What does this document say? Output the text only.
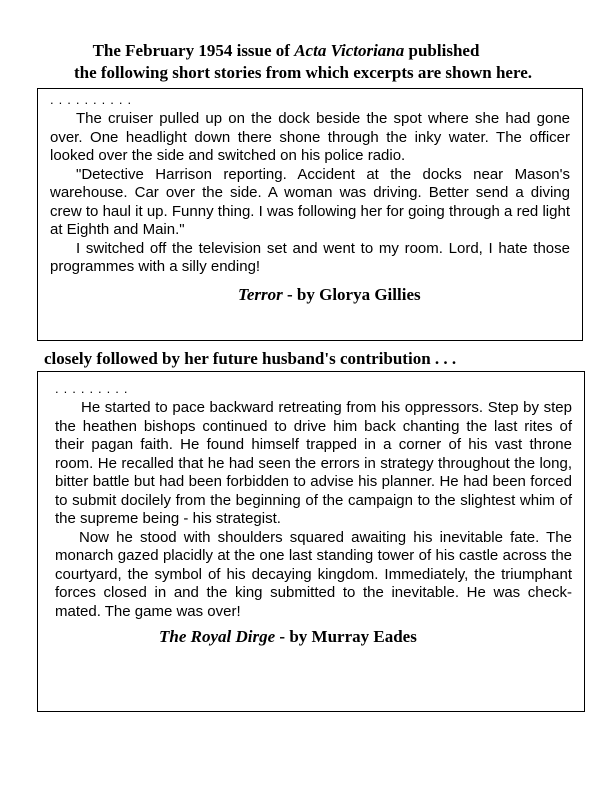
The February 1954 issue of Acta Victoriana published
the following short stories from which excerpts are shown here.
..........

The cruiser pulled up on the dock beside the spot where she had gone over. One headlight down there shone through the inky water. The officer looked over the side and switched on his police radio.

"Detective Harrison reporting. Accident at the docks near Mason's warehouse. Car over the side. A woman was driving. Better send a diving crew to haul it up. Funny thing. I was following her for going through a red light at Eighth and Main."

I switched off the television set and went to my room. Lord, I hate those programmes with a silly ending!

Terror - by Glorya Gillies
closely followed by her future husband's contribution . . .
.........

He started to pace backward retreating from his oppressors. Step by step the heathen bishops continued to drive him back chanting the last rites of their pagan faith. He found himself trapped in a corner of his vast throne room. He recalled that he had seen the errors in strategy throughout the long, bitter battle but had been forbidden to advise his planner. He had been forced to submit docilely from the beginning of the campaign to the slightest whim of the supreme being - his strategist.

Now he stood with shoulders squared awaiting his inevitable fate. The monarch gazed placidly at the one last standing tower of his castle across the courtyard, the symbol of his decaying kingdom. Immediately, the triumphant forces closed in and the king submitted to the inevitable. He was check-mated. The game was over!

The Royal Dirge - by Murray Eades
